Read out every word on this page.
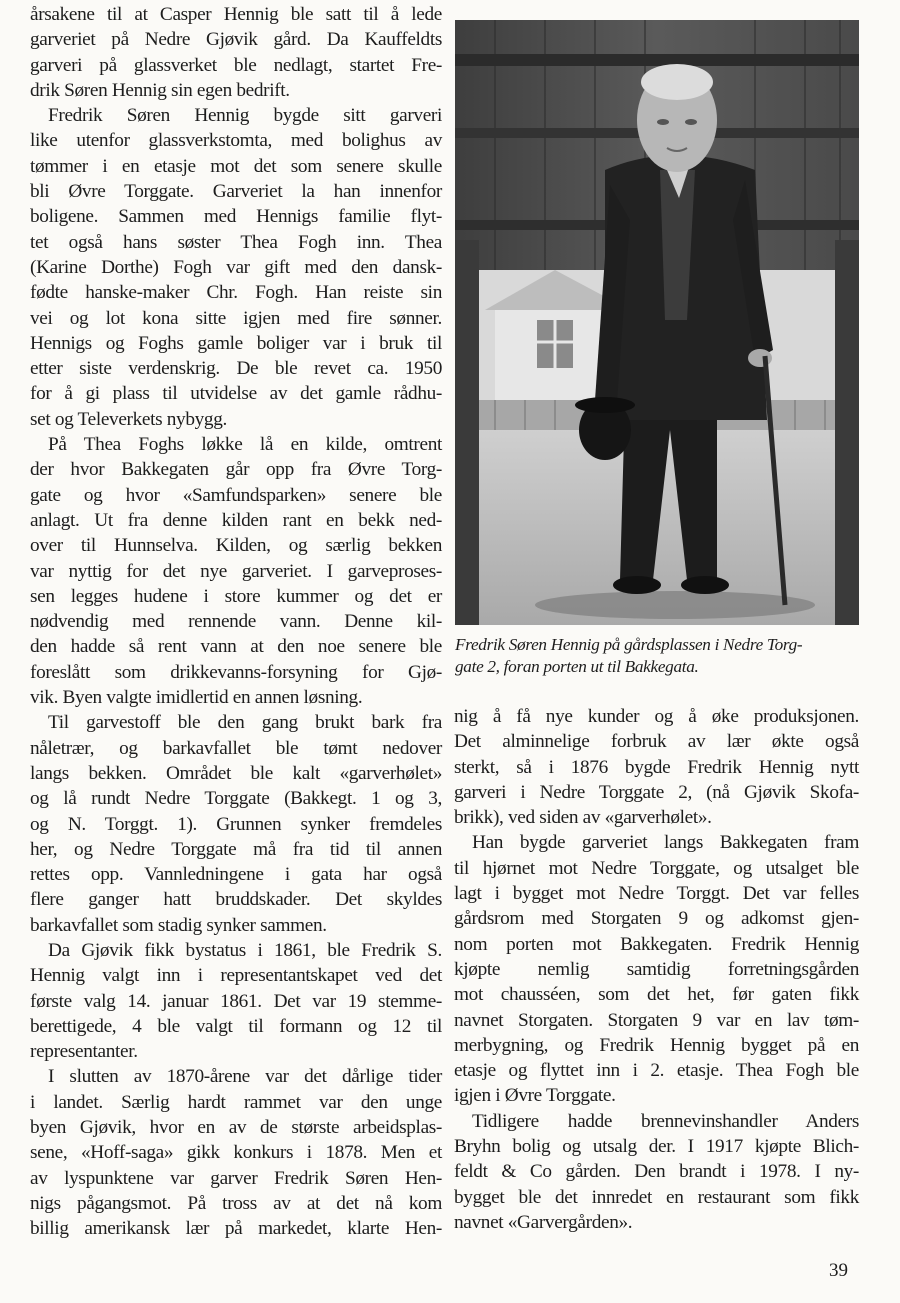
årsakene til at Casper Hennig ble satt til å lede
garveriet på Nedre Gjøvik gård. Da Kauffeldts
garveri på glassverket ble nedlagt, startet Fre-
drik Søren Hennig sin egen bedrift.
Fredrik Søren Hennig bygde sitt garveri
like utenfor glassverkstomta, med bolighus av
tømmer i en etasje mot det som senere skulle
bli Øvre Torggate. Garveriet la han innenfor
boligene. Sammen med Hennigs familie flyt-
tet også hans søster Thea Fogh inn. Thea
(Karine Dorthe) Fogh var gift med den dansk-
fødte hanske-maker Chr. Fogh. Han reiste sin
vei og lot kona sitte igjen med fire sønner.
Hennigs og Foghs gamle boliger var i bruk til
etter siste verdenskrig. De ble revet ca. 1950
for å gi plass til utvidelse av det gamle rådhu-
set og Televerkets nybygg.
På Thea Foghs løkke lå en kilde, omtrent
der hvor Bakkegaten går opp fra Øvre Torg-
gate og hvor «Samfundsparken» senere ble
anlagt. Ut fra denne kilden rant en bekk ned-
over til Hunnselva. Kilden, og særlig bekken
var nyttig for det nye garveriet. I garveproses-
sen legges hudene i store kummer og det er
nødvendig med rennende vann. Denne kil-
den hadde så rent vann at den noe senere ble
foreslått som drikkevanns-forsyning for Gjø-
vik. Byen valgte imidlertid en annen løsning.
Til garvestoff ble den gang brukt bark fra
nåletrær, og barkavfallet ble tømt nedover
langs bekken. Området ble kalt «garverhølet»
og lå rundt Nedre Torggate (Bakkegt. 1 og 3,
og N. Torggt. 1). Grunnen synker fremdeles
her, og Nedre Torggate må fra tid til annen
rettes opp. Vannledningene i gata har også
flere ganger hatt bruddskader. Det skyldes
barkavfallet som stadig synker sammen.
Da Gjøvik fikk bystatus i 1861, ble Fredrik S.
Hennig valgt inn i representantskapet ved det
første valg 14. januar 1861. Det var 19 stemme-
berettigede, 4 ble valgt til formann og 12 til
representanter.
I slutten av 1870-årene var det dårlige tider
i landet. Særlig hardt rammet var den unge
byen Gjøvik, hvor en av de største arbeidsplas-
sene, «Hoff-saga» gikk konkurs i 1878. Men et
av lyspunktene var garver Fredrik Søren Hen-
nigs pågangsmot. På tross av at det nå kom
billig amerikansk lær på markedet, klarte Hen-
Fredrik Søren Hennig på gårdsplassen i Nedre Torg-
gate 2, foran porten ut til Bakkegata.
nig å få nye kunder og å øke produksjonen.
Det alminnelige forbruk av lær økte også
sterkt, så i 1876 bygde Fredrik Hennig nytt
garveri i Nedre Torggate 2, (nå Gjøvik Skofa-
brikk), ved siden av «garverhølet».
Han bygde garveriet langs Bakkegaten fram
til hjørnet mot Nedre Torggate, og utsalget ble
lagt i bygget mot Nedre Torggt. Det var felles
gårdsrom med Storgaten 9 og adkomst gjen-
nom porten mot Bakkegaten. Fredrik Hennig
kjøpte nemlig samtidig forretningsgården
mot chausséen, som det het, før gaten fikk
navnet Storgaten. Storgaten 9 var en lav tøm-
merbygning, og Fredrik Hennig bygget på en
etasje og flyttet inn i 2. etasje. Thea Fogh ble
igjen i Øvre Torggate.
Tidligere hadde brennevinshandler Anders
Bryhn bolig og utsalg der. I 1917 kjøpte Blich-
feldt & Co gården. Den brandt i 1978. I ny-
bygget ble det innredet en restaurant som fikk
navnet «Garvergården».
39
